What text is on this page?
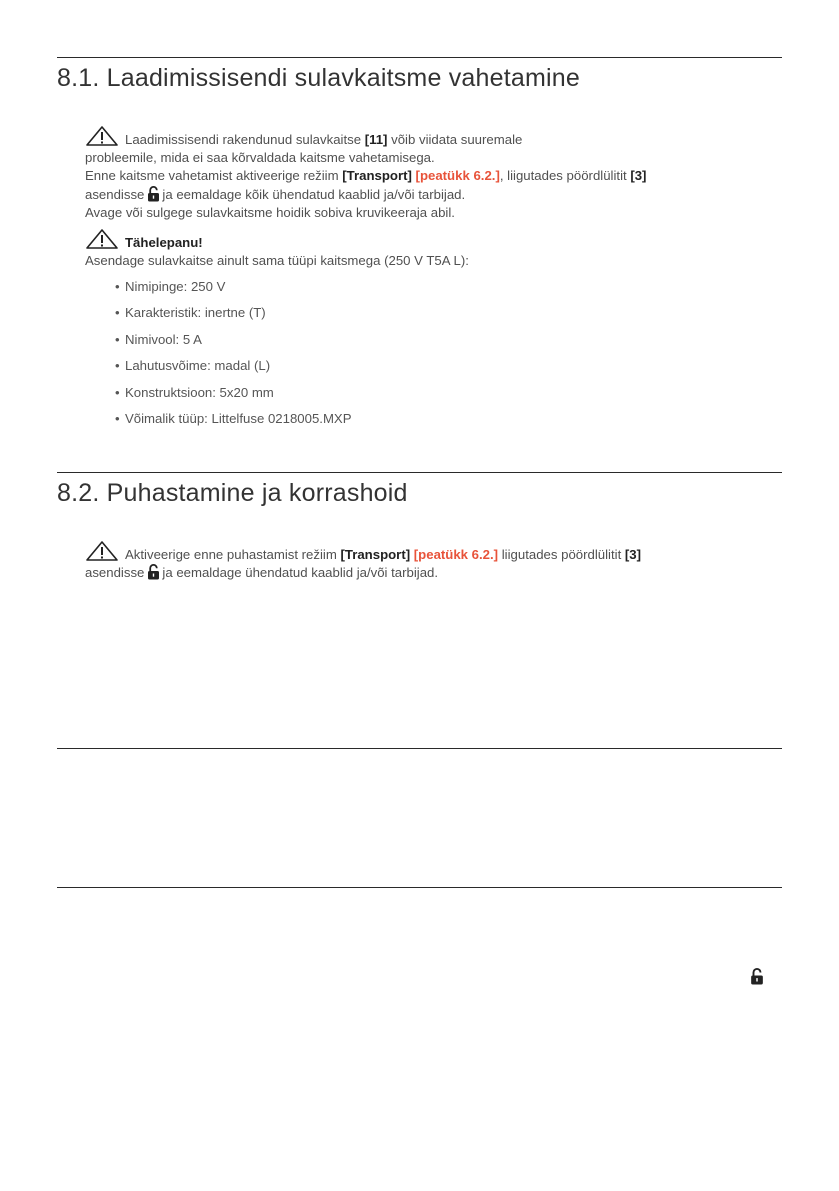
8.1. Laadimissisendi sulavkaitsme vahetamine
Laadimissisendi rakendunud sulavkaitse [11] võib viidata suuremale
probleemile, mida ei saa kõrvaldada kaitsme vahetamisega.
Enne kaitsme vahetamist aktiveerige režiim [Transport] [peatükk 6.2.], liigutades pöördlülitit [3]
asendisse ja eemaldage kõik ühendatud kaablid ja/või tarbijad.
Avage või sulgege sulavkaitsme hoidik sobiva kruvikeeraja abil.
Tähelepanu!
Asendage sulavkaitse ainult sama tüüpi kaitsmega (250 V T5A L):
• Nimipinge: 250 V
• Karakteristik: inertne (T)
• Nimivool: 5 A
• Lahutusvõime: madal (L)
• Konstruktsioon: 5x20 mm
• Võimalik tüüp: Littelfuse 0218005.MXP
8.2. Puhastamine ja korrashoid
Aktiveerige enne puhastamist režiim [Transport] [peatükk 6.2.] liigutades pöördlülitit [3]
asendisse ja eemaldage ühendatud kaablid ja/või tarbijad.
